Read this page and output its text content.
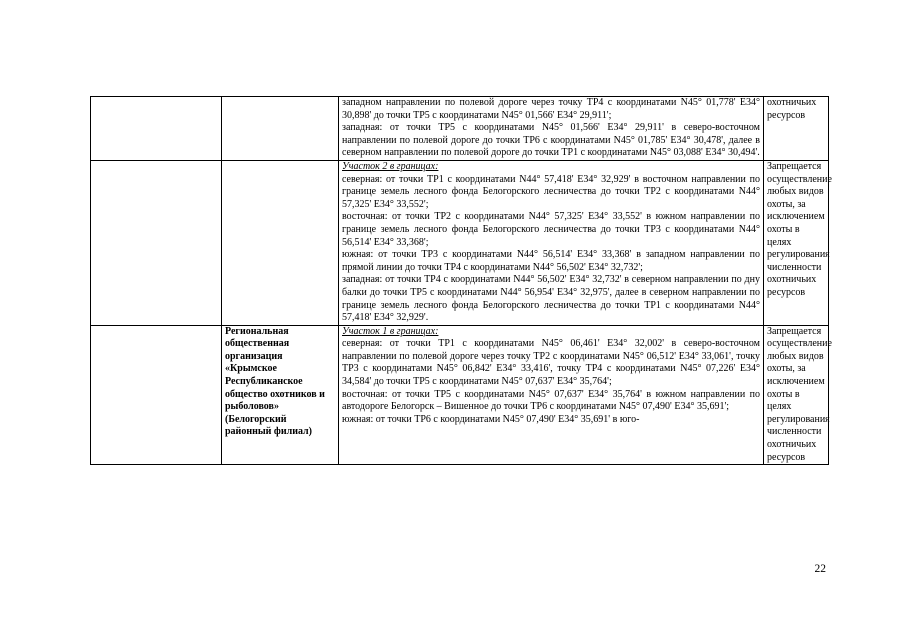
		западном направлении по полевой дороге через точку TP4 с координатами N45° 01,778' E34° 30,898' до точки TP5 с координатами N45° 01,566' E34° 29,911';

западная: от точки TP5 с координатами N45° 01,566' E34° 29,911' в северо-восточном направлении по полевой дороге до точки TP6 с координатами N45° 01,785' E34° 30,478', далее в северном направлении по полевой дороге до точки TP1 с координатами N45° 03,088' E34° 30,494'.	охотничьих ресурсов

		Участок 2 в границах:

северная: от точки TP1 с координатами N44° 57,418' E34° 32,929' в восточном направлении по границе земель лесного фонда Белогорского лесничества до точки TP2 с координатами N44° 57,325' E34° 33,552';

восточная: от точки TP2 с координатами N44° 57,325' E34° 33,552' в южном направлении по границе земель лесного фонда Белогорского лесничества до точки TP3 с координатами N44° 56,514' E34° 33,368';

южная: от точки TP3 с координатами N44° 56,514' E34° 33,368' в западном направлении по прямой линии до точки TP4 с координатами N44° 56,502' E34° 32,732';

западная: от точки TP4 с координатами N44° 56,502' E34° 32,732' в северном направлении по дну балки до точки TP5 с координатами N44° 56,954' E34° 32,975', далее в северном направлении по границе земель лесного фонда Белогорского лесничества до точки TP1 с координатами N44° 57,418' E34° 32,929'.	Запрещается осуществление любых видов охоты, за исключением охоты в целях регулирования численности охотничьих ресурсов
	Региональная общественная организация «Крымское Республиканское общество охотников и рыболовов» (Белогорский районный филиал)	Участок 1 в границах:

северная: от точки TP1 с координатами N45° 06,461' E34° 32,002' в северо-восточном направлении по полевой дороге через точку TP2 с координатами N45° 06,512' E34° 33,061', точку TP3 с координатами N45° 06,842' E34° 33,416', точку TP4 с координатами N45° 07,226' E34° 34,584' до точки TP5 с координатами N45° 07,637' E34° 35,764';

восточная: от точки TP5 с координатами N45° 07,637' E34° 35,764' в южном направлении по автодороге Белогорск – Вишенное до точки TP6 с координатами N45° 07,490' E34° 35,691';

южная: от точки TP6 с координатами N45° 07,490' E34° 35,691' в юго-	Запрещается осуществление любых видов охоты, за исключением охоты в целях регулирования численности охотничьих ресурсов
22
